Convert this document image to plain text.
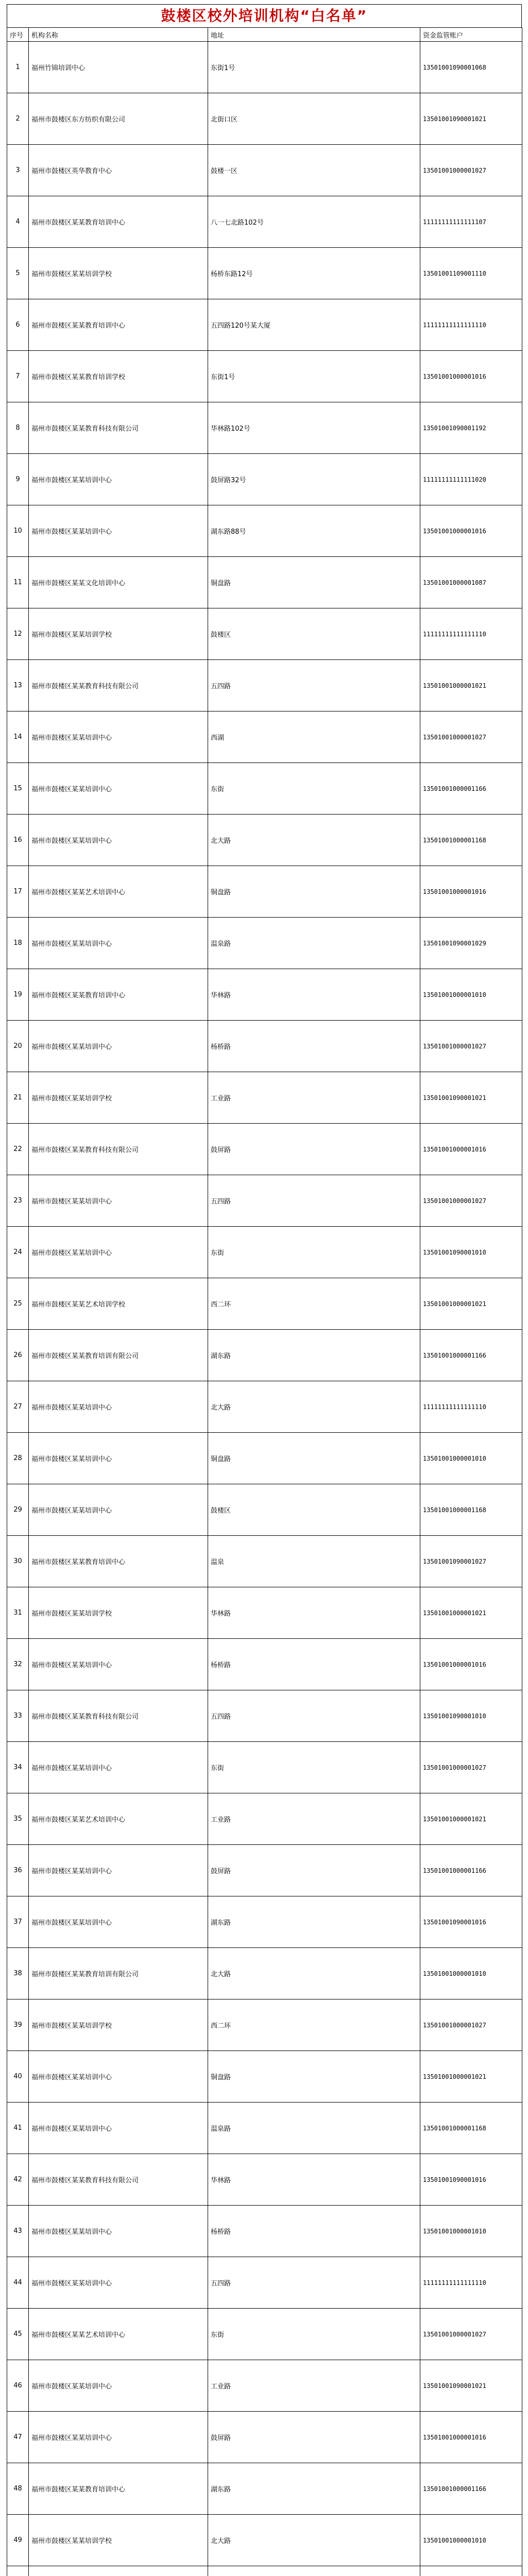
鼓楼区校外培训机构“白名单”
序号	机构名称	地址	资金监管账户
1	福州竹锦培训中心	东街1号	13501001090001068
2	福州市鼓楼区东方纺织有限公司	北街口区	13501001090001021
3	福州市鼓楼区英华教育中心	鼓楼一区	13501001000001027
4	福州市鼓楼区某某教育培训中心	八一七北路102号	11111111111111107
5	福州市鼓楼区某某培训学校	杨桥东路12号	13501001109001110
6	福州市鼓楼区某某教育培训中心	五四路120号某大厦	11111111111111110
7	福州市鼓楼区某某教育培训学校	东街1号	13501001000001016
8	福州市鼓楼区某某教育科技有限公司	华林路102号	13501001090001192
9	福州市鼓楼区某某培训中心	鼓屏路32号	11111111111111020
10	福州市鼓楼区某某培训中心	湖东路88号	13501001000001016
11	福州市鼓楼区某某文化培训中心	铜盘路	13501001000001087
12	福州市鼓楼区某某培训学校	鼓楼区	11111111111111110
13	福州市鼓楼区某某教育科技有限公司	五四路	13501001000001021
14	福州市鼓楼区某某培训中心	西湖	13501001000001027
15	福州市鼓楼区某某培训中心	东街	13501001000001166
16	福州市鼓楼区某某培训中心	北大路	13501001000001168
17	福州市鼓楼区某某艺术培训中心	铜盘路	13501001000001016
18	福州市鼓楼区某某培训中心	温泉路	13501001090001029
19	福州市鼓楼区某某教育培训中心	华林路	13501001000001010
20	福州市鼓楼区某某培训中心	杨桥路	13501001000001027
21	福州市鼓楼区某某培训学校	工业路	13501001090001021
22	福州市鼓楼区某某教育科技有限公司	鼓屏路	13501001000001016
23	福州市鼓楼区某某培训中心	五四路	13501001000001027
24	福州市鼓楼区某某培训中心	东街	13501001090001010
25	福州市鼓楼区某某艺术培训学校	西二环	13501001000001021
26	福州市鼓楼区某某教育培训有限公司	湖东路	13501001000001166
27	福州市鼓楼区某某培训中心	北大路	11111111111111110
28	福州市鼓楼区某某培训中心	铜盘路	13501001000001010
29	福州市鼓楼区某某培训中心	鼓楼区	13501001000001168
30	福州市鼓楼区某某教育培训中心	温泉	13501001090001027
31	福州市鼓楼区某某培训学校	华林路	13501001000001021
32	福州市鼓楼区某某培训中心	杨桥路	13501001000001016
33	福州市鼓楼区某某教育科技有限公司	五四路	13501001090001010
34	福州市鼓楼区某某培训中心	东街	13501001000001027
35	福州市鼓楼区某某艺术培训中心	工业路	13501001000001021
36	福州市鼓楼区某某培训中心	鼓屏路	13501001000001166
37	福州市鼓楼区某某培训中心	湖东路	13501001090001016
38	福州市鼓楼区某某教育培训有限公司	北大路	13501001000001010
39	福州市鼓楼区某某培训学校	西二环	13501001000001027
40	福州市鼓楼区某某培训中心	铜盘路	13501001000001021
41	福州市鼓楼区某某培训中心	温泉路	13501001000001168
42	福州市鼓楼区某某教育科技有限公司	华林路	13501001090001016
43	福州市鼓楼区某某培训中心	杨桥路	13501001000001010
44	福州市鼓楼区某某培训中心	五四路	11111111111111110
45	福州市鼓楼区某某艺术培训中心	东街	13501001000001027
46	福州市鼓楼区某某培训中心	工业路	13501001090001021
47	福州市鼓楼区某某培训中心	鼓屏路	13501001000001016
48	福州市鼓楼区某某教育培训中心	湖东路	13501001000001166
49	福州市鼓楼区某某培训学校	北大路	13501001000001010
